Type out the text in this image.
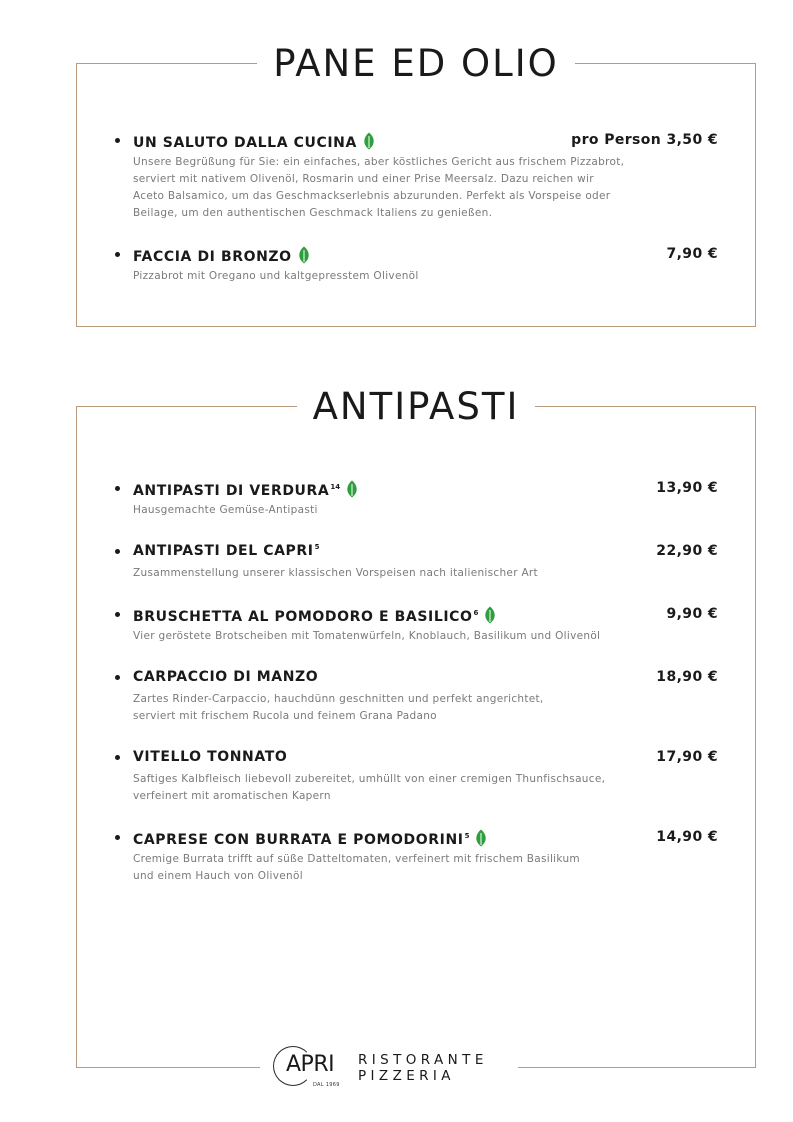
PANE ED OLIO
UN SALUTO DALLA CUCINA	pro Person 3,50 €
Unsere Begrüßung für Sie: ein einfaches, aber köstliches Gericht aus frischem Pizzabrot,
serviert mit nativem Olivenöl, Rosmarin und einer Prise Meersalz. Dazu reichen wir
Aceto Balsamico, um das Geschmackserlebnis abzurunden. Perfekt als Vorspeise oder
Beilage, um den authentischen Geschmack Italiens zu genießen.
FACCIA DI BRONZO	7,90 €
Pizzabrot mit Oregano und kaltgepresstem Olivenöl
ANTIPASTI
ANTIPASTI DI VERDURA$^{14}$	13,90 €
Hausgemachte Gemüse-Antipasti
ANTIPASTI DEL CAPRI$^5$	22,90 €
Zusammenstellung unserer klassischen Vorspeisen nach italienischer Art
BRUSCHETTA AL POMODORO E BASILICO$^6$	9,90 €
Vier geröstete Brotscheiben mit Tomatenwürfeln, Knoblauch, Basilikum und Olivenöl
CARPACCIO DI MANZO	18,90 €
Zartes Rinder-Carpaccio, hauchdünn geschnitten und perfekt angerichtet,
serviert mit frischem Rucola und feinem Grana Padano
VITELLO TONNATO	17,90 €
Saftiges Kalbfleisch liebevoll zubereitet, umhüllt von einer cremigen Thunfischsauce,
verfeinert mit aromatischen Kapern
CAPRESE CON BURRATA E POMODORINI$^5$	14,90 €
Cremige Burrata trifft auf süße Datteltomaten, verfeinert mit frischem Basilikum
und einem Hauch von Olivenöl
APRI
DAL 1969
RISTORANTE
PIZZERIA
